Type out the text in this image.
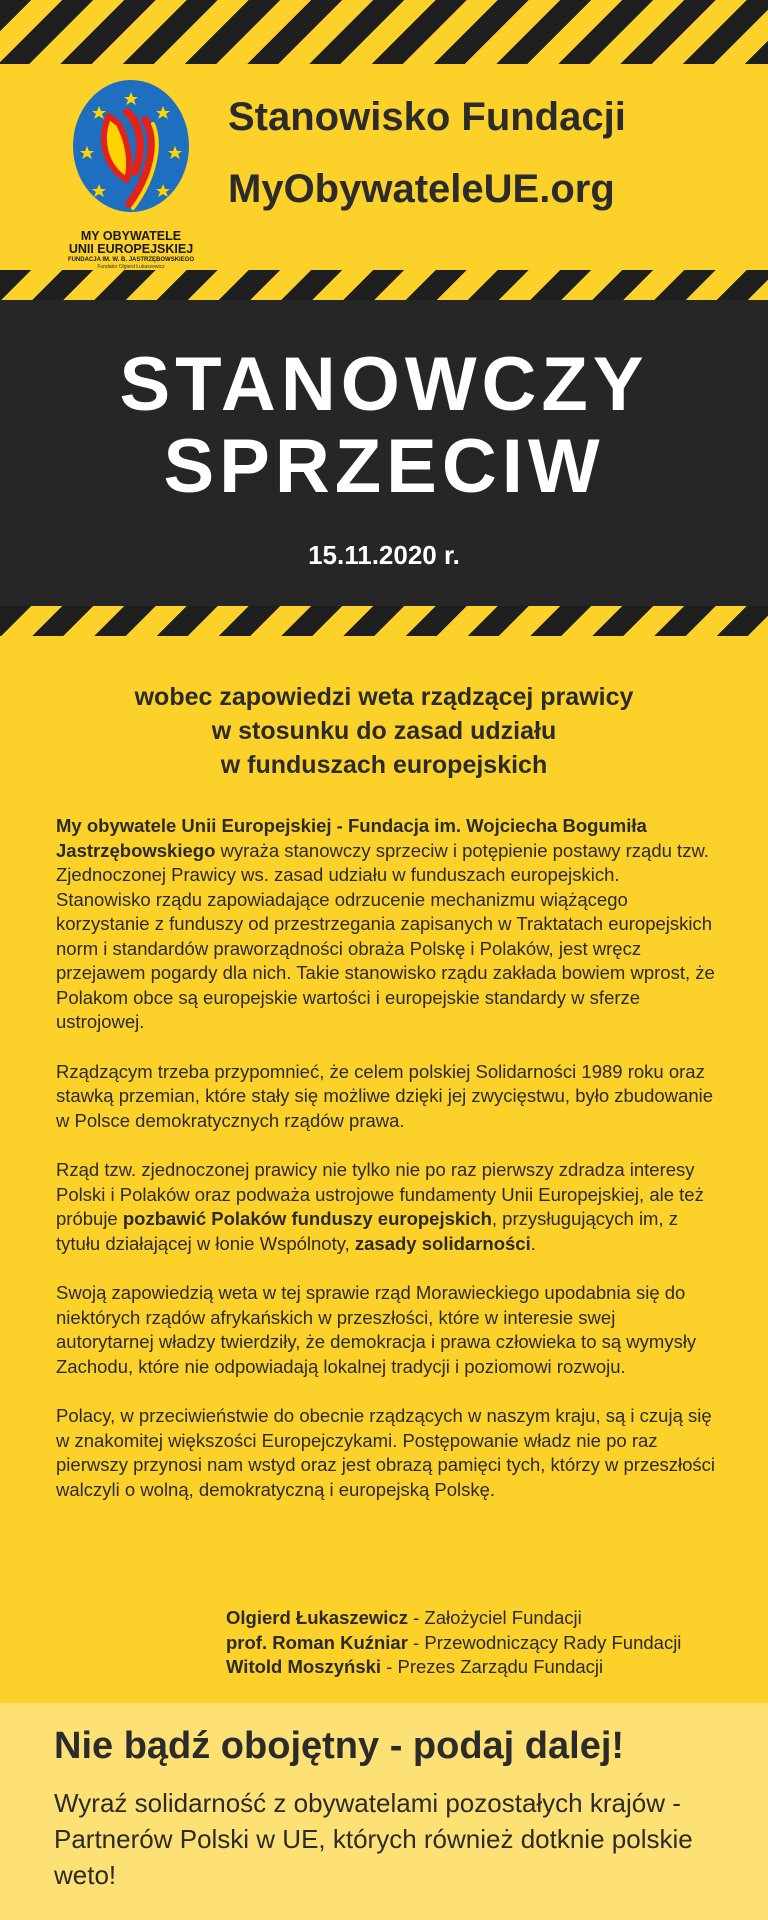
MY OBYWATELE
UNII EUROPEJSKIEJ
FUNDACJA IM. W. B. JASTRZĘBOWSKIEGO
Fundator Olgierd Łukaszewicz
Stanowisko Fundacji
MyObywateleUE.org
STANOWCZY
SPRZECIW
15.11.2020 r.
wobec zapowiedzi weta rządzącej prawicy
w stosunku do zasad udziału
w funduszach europejskich

My obywatele Unii Europejskiej - Fundacja im. Wojciecha Bogumiła Jastrzębowskiego wyraża stanowczy sprzeciw i potępienie postawy rządu tzw. Zjednoczonej Prawicy ws. zasad udziału w funduszach europejskich. Stanowisko rządu zapowiadające odrzucenie mechanizmu wiążącego korzystanie z funduszy od przestrzegania zapisanych w Traktatach europejskich norm i standardów praworządności obraża Polskę i Polaków, jest wręcz przejawem pogardy dla nich. Takie stanowisko rządu zakłada bowiem wprost, że Polakom obce są europejskie wartości i europejskie standardy w sferze ustrojowej.

Rządzącym trzeba przypomnieć, że celem polskiej Solidarności 1989 roku oraz stawką przemian, które stały się możliwe dzięki jej zwycięstwu, było zbudowanie w Polsce demokratycznych rządów prawa.

Rząd tzw. zjednoczonej prawicy nie tylko nie po raz pierwszy zdradza interesy Polski i Polaków oraz podważa ustrojowe fundamenty Unii Europejskiej, ale też próbuje pozbawić Polaków funduszy europejskich, przysługujących im, z tytułu działającej w łonie Wspólnoty, zasady solidarności.

Swoją zapowiedzią weta w tej sprawie rząd Morawieckiego upodabnia się do niektórych rządów afrykańskich w przeszłości, które w interesie swej autorytarnej władzy twierdziły, że demokracja i prawa człowieka to są wymysły Zachodu, które nie odpowiadają lokalnej tradycji i poziomowi rozwoju.

Polacy, w przeciwieństwie do obecnie rządzących w naszym kraju, są i czują się w znakomitej większości Europejczykami. Postępowanie władz nie po raz pierwszy przynosi nam wstyd oraz jest obrazą pamięci tych, którzy w przeszłości walczyli o wolną, demokratyczną i europejską Polskę.

Olgierd Łukaszewicz - Założyciel Fundacji
prof. Roman Kuźniar - Przewodniczący Rady Fundacji
Witold Moszyński - Prezes Zarządu Fundacji
Nie bądź obojętny - podaj dalej!
Wyraź solidarność z obywatelami pozostałych krajów - Partnerów Polski w UE, których również dotknie polskie weto!
